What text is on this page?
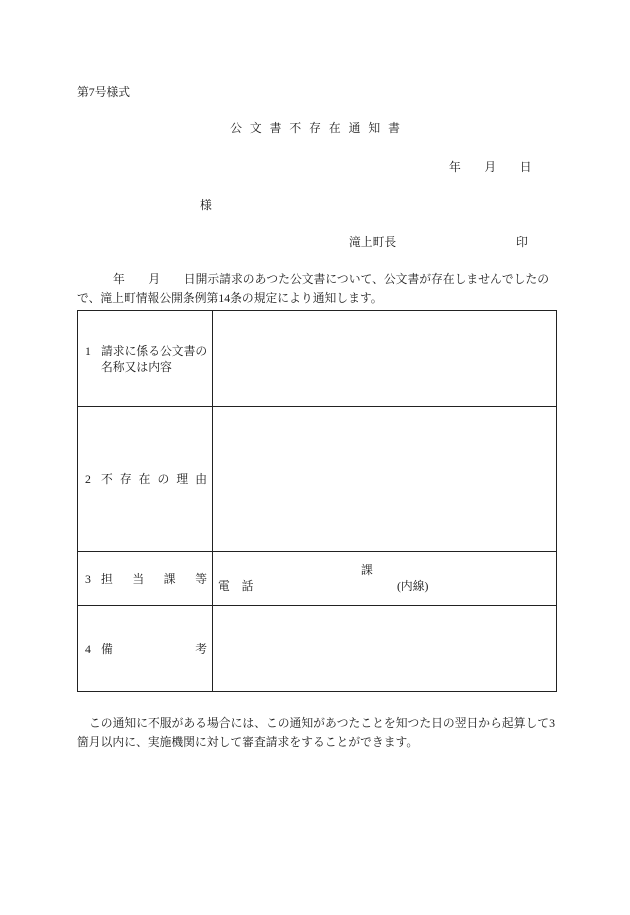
第7号様式
公 文 書 不 存 在 通 知 書
年　　月　　日
様
滝上町長	印
年　　月　　日開示請求のあつた公文書について、公文書が存在しませんでしたの
で、滝上町情報公開条例第14条の規定により通知します。
1 請求に係る公文書の
名称又は内容
2 不 存 在 の 理 由
3 担 当 課 等
課
電　話	(内線)
4 備 考
この通知に不服がある場合には、この通知があつたことを知つた日の翌日から起算して3
箇月以内に、実施機関に対して審査請求をすることができます。
